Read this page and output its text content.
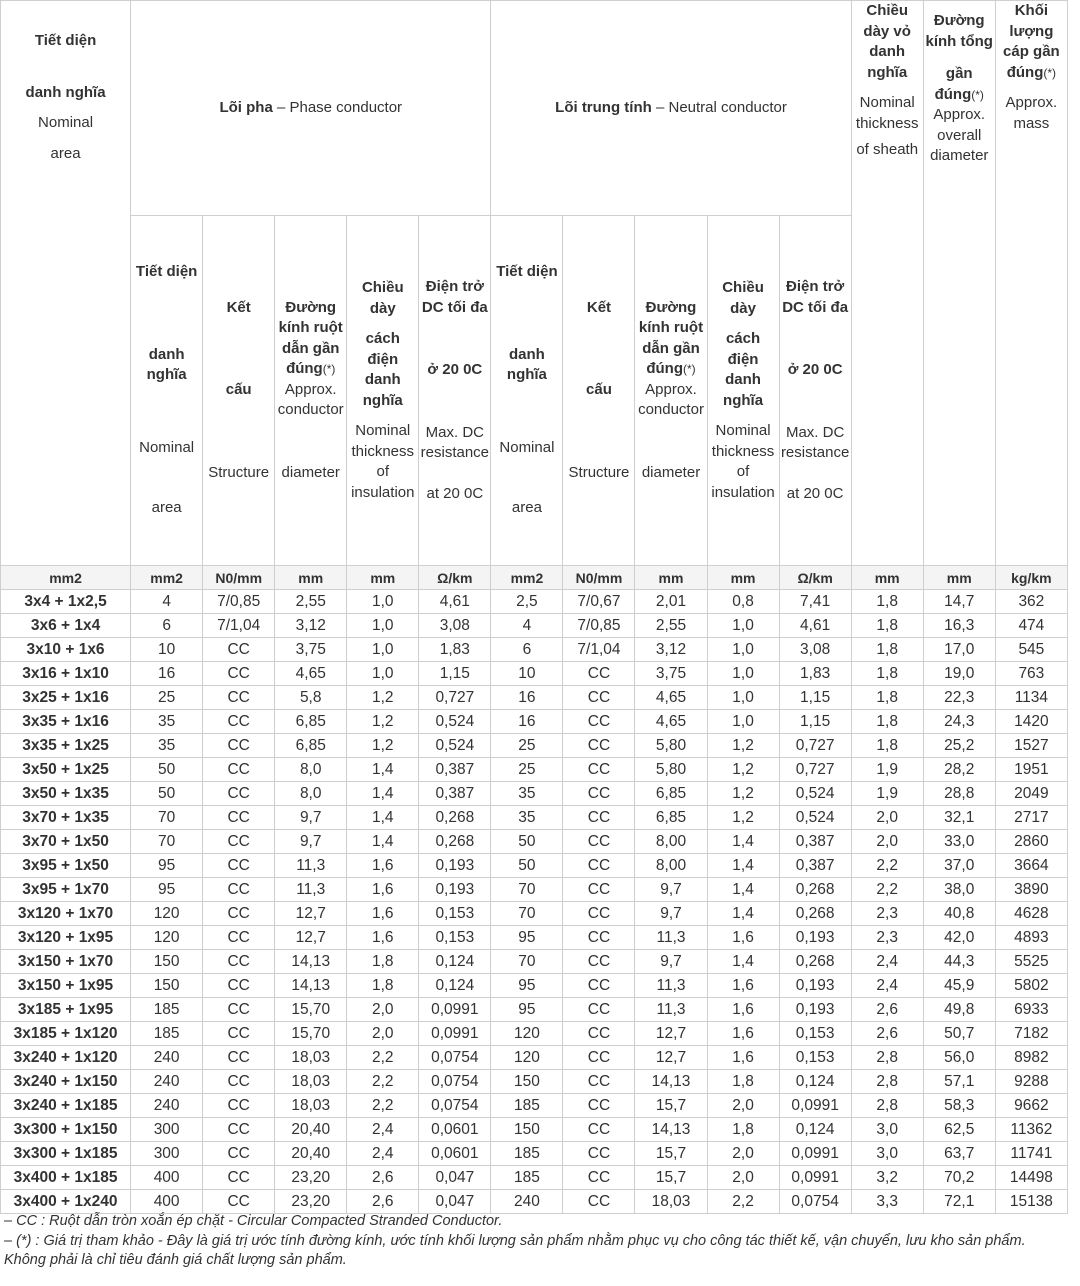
Tiết diện
danh nghĩa
Nominal
area	Lõi pha – Phase conductor					Lõi trung tính – Neutral conductor					Chiều dày vỏ danh nghĩa
Nominal thickness
of sheath	Đường kính tổng
gần đúng(*)
Approx. overall diameter	Khối lượng cáp gần đúng(*)
Approx. mass

	Tiết diện
danh nghĩa
Nominal
area	Kết
cấu
Structure	Đường kính ruột dẫn gần đúng(*)
Approx. conductor
diameter	Chiều dày
cách điện danh nghĩa
Nominal thickness of insulation	Điện trở DC tối đa
ở 20 0C
Max. DC resistance
at 20 0C	Tiết diện
danh nghĩa
Nominal
area	Kết
cấu
Structure	Đường kính ruột dẫn gần đúng(*)
Approx. conductor
diameter	Chiều dày
cách điện danh nghĩa
Nominal thickness of insulation	Điện trở DC tối đa
ở 20 0C
Max. DC resistance
at 20 0C			

mm2	mm2	N0/mm	mm	mm	Ω/km	mm2	N0/mm	mm	mm	Ω/km	mm	mm	kg/km
3x4 + 1x2,5	4	7/0,85	2,55	1,0	4,61	2,5	7/0,67	2,01	0,8	7,41	1,8	14,7	362
3x6 + 1x4	6	7/1,04	3,12	1,0	3,08	4	7/0,85	2,55	1,0	4,61	1,8	16,3	474
3x10 + 1x6	10	CC	3,75	1,0	1,83	6	7/1,04	3,12	1,0	3,08	1,8	17,0	545
3x16 + 1x10	16	CC	4,65	1,0	1,15	10	CC	3,75	1,0	1,83	1,8	19,0	763
3x25 + 1x16	25	CC	5,8	1,2	0,727	16	CC	4,65	1,0	1,15	1,8	22,3	1134
3x35 + 1x16	35	CC	6,85	1,2	0,524	16	CC	4,65	1,0	1,15	1,8	24,3	1420
3x35 + 1x25	35	CC	6,85	1,2	0,524	25	CC	5,80	1,2	0,727	1,8	25,2	1527
3x50 + 1x25	50	CC	8,0	1,4	0,387	25	CC	5,80	1,2	0,727	1,9	28,2	1951
3x50 + 1x35	50	CC	8,0	1,4	0,387	35	CC	6,85	1,2	0,524	1,9	28,8	2049
3x70 + 1x35	70	CC	9,7	1,4	0,268	35	CC	6,85	1,2	0,524	2,0	32,1	2717
3x70 + 1x50	70	CC	9,7	1,4	0,268	50	CC	8,00	1,4	0,387	2,0	33,0	2860
3x95 + 1x50	95	CC	11,3	1,6	0,193	50	CC	8,00	1,4	0,387	2,2	37,0	3664
3x95 + 1x70	95	CC	11,3	1,6	0,193	70	CC	9,7	1,4	0,268	2,2	38,0	3890
3x120 + 1x70	120	CC	12,7	1,6	0,153	70	CC	9,7	1,4	0,268	2,3	40,8	4628
3x120 + 1x95	120	CC	12,7	1,6	0,153	95	CC	11,3	1,6	0,193	2,3	42,0	4893
3x150 + 1x70	150	CC	14,13	1,8	0,124	70	CC	9,7	1,4	0,268	2,4	44,3	5525
3x150 + 1x95	150	CC	14,13	1,8	0,124	95	CC	11,3	1,6	0,193	2,4	45,9	5802
3x185 + 1x95	185	CC	15,70	2,0	0,0991	95	CC	11,3	1,6	0,193	2,6	49,8	6933
3x185 + 1x120	185	CC	15,70	2,0	0,0991	120	CC	12,7	1,6	0,153	2,6	50,7	7182
3x240 + 1x120	240	CC	18,03	2,2	0,0754	120	CC	12,7	1,6	0,153	2,8	56,0	8982
3x240 + 1x150	240	CC	18,03	2,2	0,0754	150	CC	14,13	1,8	0,124	2,8	57,1	9288
3x240 + 1x185	240	CC	18,03	2,2	0,0754	185	CC	15,7	2,0	0,0991	2,8	58,3	9662
3x300 + 1x150	300	CC	20,40	2,4	0,0601	150	CC	14,13	1,8	0,124	3,0	62,5	11362
3x300 + 1x185	300	CC	20,40	2,4	0,0601	185	CC	15,7	2,0	0,0991	3,0	63,7	11741
3x400 + 1x185	400	CC	23,20	2,6	0,047	185	CC	15,7	2,0	0,0991	3,2	70,2	14498
3x400 + 1x240	400	CC	23,20	2,6	0,047	240	CC	18,03	2,2	0,0754	3,3	72,1	15138

– CC : Ruột dẫn tròn xoắn ép chặt - Circular Compacted Stranded Conductor.

– (*) : Giá trị tham khảo - Đây là giá trị ước tính đường kính, ước tính khối lượng sản phẩm nhằm phục vụ cho công tác thiết kế, vận chuyển, lưu kho sản phẩm. Không phải là chỉ tiêu đánh giá chất lượng sản phẩm.
